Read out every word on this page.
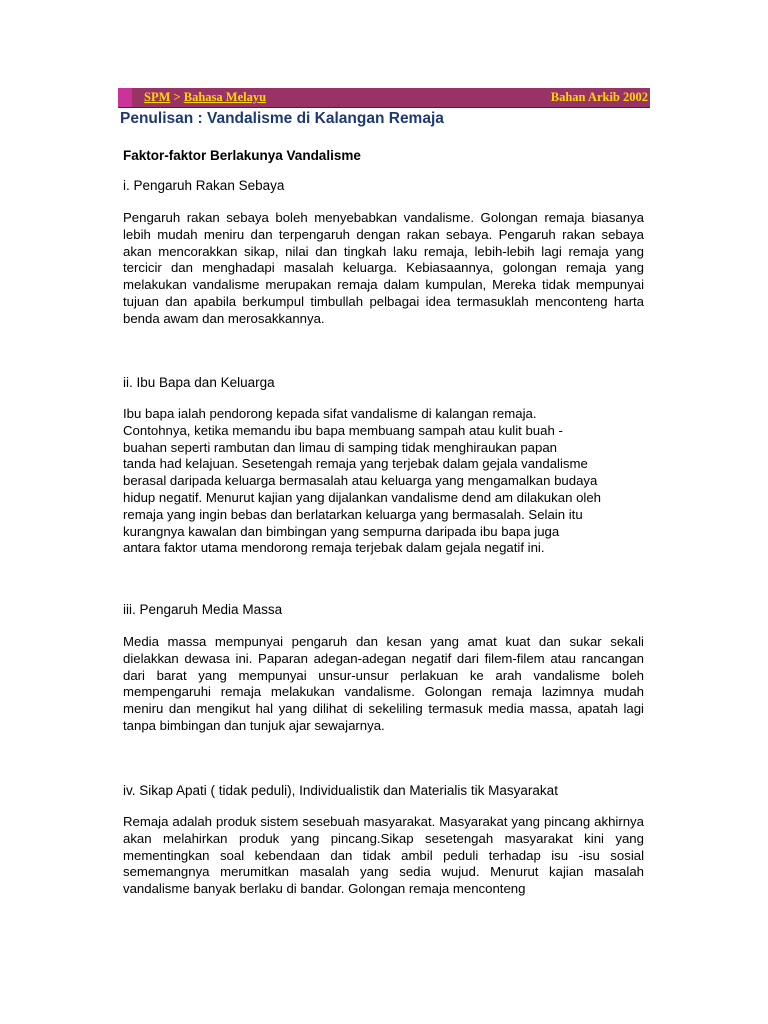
SPM > Bahasa Melayu	Bahan Arkib 2002
Penulisan : Vandalisme di Kalangan Remaja
Faktor-faktor Berlakunya Vandalisme

i. Pengaruh Rakan Sebaya

Pengaruh rakan sebaya boleh menyebabkan vandalisme. Golongan remaja biasanya lebih mudah meniru dan terpengaruh dengan rakan sebaya. Pengaruh rakan sebaya akan mencorakkan sikap, nilai dan tingkah laku remaja, lebih-lebih lagi remaja yang tercicir dan menghadapi masalah keluarga. Kebiasaannya, golongan remaja yang melakukan vandalisme merupakan remaja dalam kumpulan, Mereka tidak mempunyai tujuan dan apabila berkumpul timbullah pelbagai idea termasuklah menconteng harta benda awam dan merosakkannya.

ii. Ibu Bapa dan Keluarga

Ibu bapa ialah pendorong kepada sifat vandalisme di kalangan remaja.
Contohnya, ketika memandu ibu bapa membuang sampah atau kulit buah -
buahan seperti rambutan dan limau di samping tidak menghiraukan papan
tanda had kelajuan. Sesetengah remaja yang terjebak dalam gejala vandalisme
berasal daripada keluarga bermasalah atau keluarga yang mengamalkan budaya
hidup negatif. Menurut kajian yang dijalankan vandalisme dend am dilakukan oleh
remaja yang ingin bebas dan berlatarkan keluarga yang bermasalah. Selain itu
kurangnya kawalan dan bimbingan yang sempurna daripada ibu bapa juga
antara faktor utama mendorong remaja terjebak dalam gejala negatif ini.

iii. Pengaruh Media Massa

Media massa mempunyai pengaruh dan kesan yang amat kuat dan sukar sekali dielakkan dewasa ini. Paparan adegan-adegan negatif dari filem-filem atau rancangan dari barat yang mempunyai unsur-unsur perlakuan ke arah vandalisme boleh mempengaruhi remaja melakukan vandalisme. Golongan remaja lazimnya mudah meniru dan mengikut hal yang dilihat di sekeliling termasuk media massa, apatah lagi tanpa bimbingan dan tunjuk ajar sewajarnya.

iv. Sikap Apati ( tidak peduli), Individualistik dan Materialis tik Masyarakat

Remaja adalah produk sistem sesebuah masyarakat. Masyarakat yang pincang akhirnya akan melahirkan produk yang pincang.Sikap sesetengah masyarakat kini yang mementingkan soal kebendaan dan tidak ambil peduli terhadap isu -isu sosial sememangnya merumitkan masalah yang sedia wujud. Menurut kajian masalah vandalisme banyak berlaku di bandar. Golongan remaja menconteng
